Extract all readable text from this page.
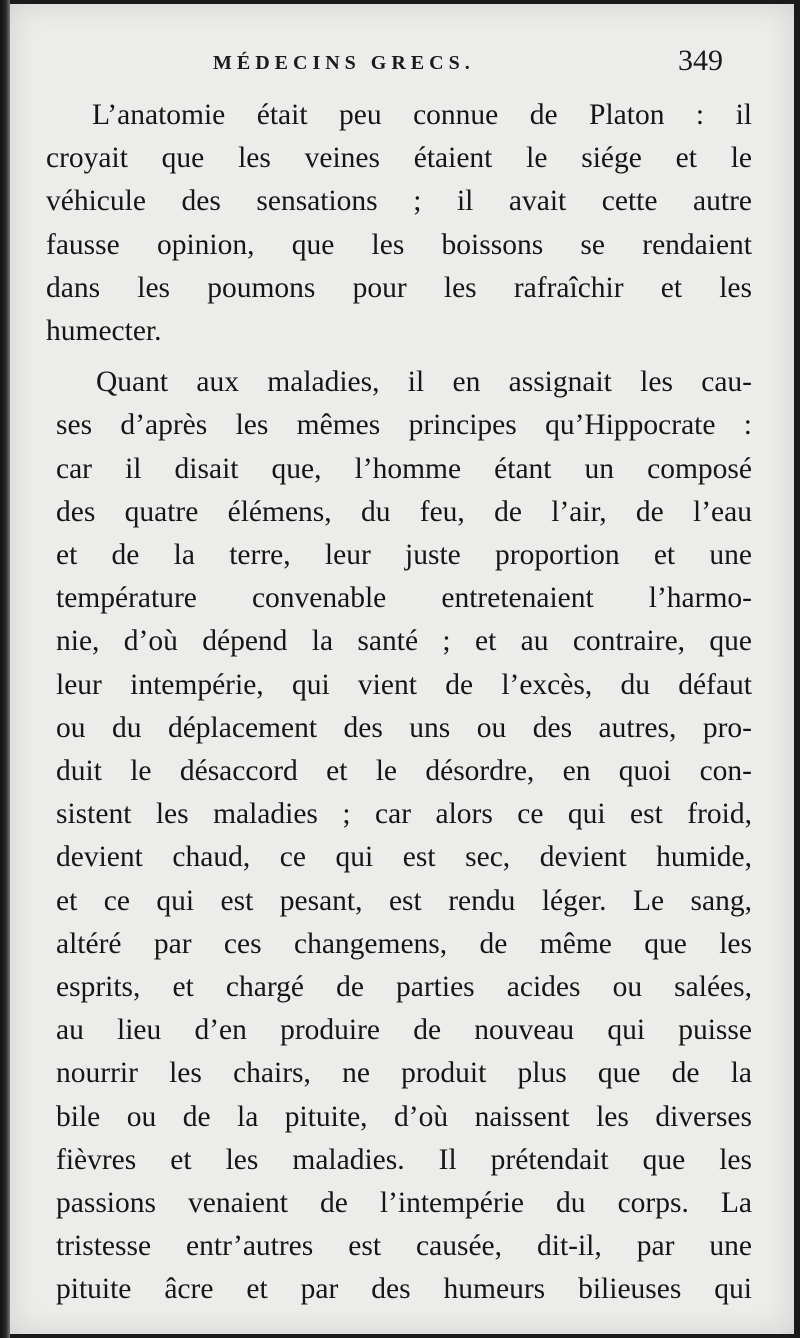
MÉDECINS GRECS.	349

L’anatomie était peu connue de Platon : il
croyait que les veines étaient le siége et le
véhicule des sensations ; il avait cette autre
fausse opinion, que les boissons se rendaient
dans les poumons pour les rafraîchir et les
humecter.

Quant aux maladies, il en assignait les cau-
ses d’après les mêmes principes qu’Hippocrate :
car il disait que, l’homme étant un composé
des quatre élémens, du feu, de l’air, de l’eau
et de la terre, leur juste proportion et une
température convenable entretenaient l’harmo-
nie, d’où dépend la santé ; et au contraire, que
leur intempérie, qui vient de l’excès, du défaut
ou du déplacement des uns ou des autres, pro-
duit le désaccord et le désordre, en quoi con-
sistent les maladies ; car alors ce qui est froid,
devient chaud, ce qui est sec, devient humide,
et ce qui est pesant, est rendu léger. Le sang,
altéré par ces changemens, de même que les
esprits, et chargé de parties acides ou salées,
au lieu d’en produire de nouveau qui puisse
nourrir les chairs, ne produit plus que de la
bile ou de la pituite, d’où naissent les diverses
fièvres et les maladies. Il prétendait que les
passions venaient de l’intempérie du corps. La
tristesse entr’autres est causée, dit-il, par une
pituite âcre et par des humeurs bilieuses qui
